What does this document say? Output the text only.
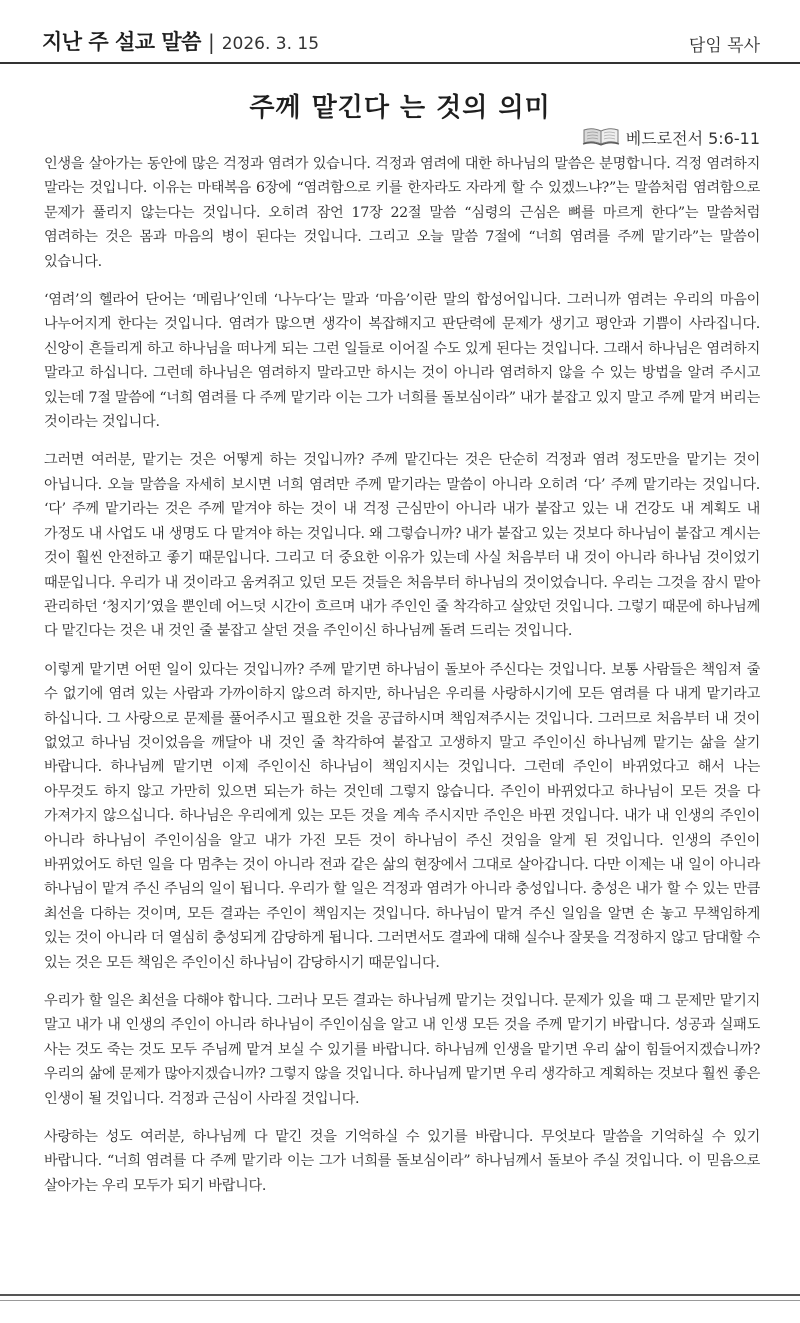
지난 주 설교 말씀 | 2026. 3. 15	담임 목사
주께 맡긴다 는 것의 의미
베드로전서 5:6-11

인생을 살아가는 동안에 많은 걱정과 염려가 있습니다. 걱정과 염려에 대한 하나님의 말씀은 분명합니다. 걱정 염려하지 말라는 것입니다. 이유는 마태복음 6장에 “염려함으로 키를 한자라도 자라게 할 수 있겠느냐?”는 말씀처럼 염려함으로 문제가 풀리지 않는다는 것입니다. 오히려 잠언 17장 22절 말씀 “심령의 근심은 뼈를 마르게 한다”는 말씀처럼 염려하는 것은 몸과 마음의 병이 된다는 것입니다. 그리고 오늘 말씀 7절에 “너희 염려를 주께 맡기라”는 말씀이 있습니다.

‘염려’의 헬라어 단어는 ‘메림나’인데 ‘나누다’는 말과 ‘마음’이란 말의 합성어입니다. 그러니까 염려는 우리의 마음이 나누어지게 한다는 것입니다. 염려가 많으면 생각이 복잡해지고 판단력에 문제가 생기고 평안과 기쁨이 사라집니다. 신앙이 흔들리게 하고 하나님을 떠나게 되는 그런 일들로 이어질 수도 있게 된다는 것입니다. 그래서 하나님은 염려하지 말라고 하십니다. 그런데 하나님은 염려하지 말라고만 하시는 것이 아니라 염려하지 않을 수 있는 방법을 알려 주시고 있는데 7절 말씀에 “너희 염려를 다 주께 맡기라 이는 그가 너희를 돌보심이라” 내가 붙잡고 있지 말고 주께 맡겨 버리는 것이라는 것입니다.

그러면 여러분, 맡기는 것은 어떻게 하는 것입니까? 주께 맡긴다는 것은 단순히 걱정과 염려 정도만을 맡기는 것이 아닙니다. 오늘 말씀을 자세히 보시면 너희 염려만 주께 맡기라는 말씀이 아니라 오히려 ‘다’ 주께 맡기라는 것입니다. ‘다’ 주께 맡기라는 것은 주께 맡겨야 하는 것이 내 걱정 근심만이 아니라 내가 붙잡고 있는 내 건강도 내 계획도 내 가정도 내 사업도 내 생명도 다 맡겨야 하는 것입니다. 왜 그렇습니까? 내가 붙잡고 있는 것보다 하나님이 붙잡고 계시는 것이 훨씬 안전하고 좋기 때문입니다. 그리고 더 중요한 이유가 있는데 사실 처음부터 내 것이 아니라 하나님 것이었기 때문입니다. 우리가 내 것이라고 움켜쥐고 있던 모든 것들은 처음부터 하나님의 것이었습니다. 우리는 그것을 잠시 맡아 관리하던 ‘청지기’였을 뿐인데 어느덧 시간이 흐르며 내가 주인인 줄 착각하고 살았던 것입니다. 그렇기 때문에 하나님께 다 맡긴다는 것은 내 것인 줄 붙잡고 살던 것을 주인이신 하나님께 돌려 드리는 것입니다.

이렇게 맡기면 어떤 일이 있다는 것입니까? 주께 맡기면 하나님이 돌보아 주신다는 것입니다. 보통 사람들은 책임져 줄 수 없기에 염려 있는 사람과 가까이하지 않으려 하지만, 하나님은 우리를 사랑하시기에 모든 염려를 다 내게 맡기라고 하십니다. 그 사랑으로 문제를 풀어주시고 필요한 것을 공급하시며 책임져주시는 것입니다. 그러므로 처음부터 내 것이 없었고 하나님 것이었음을 깨달아 내 것인 줄 착각하여 붙잡고 고생하지 말고 주인이신 하나님께 맡기는 삶을 살기 바랍니다. 하나님께 맡기면 이제 주인이신 하나님이 책임지시는 것입니다. 그런데 주인이 바뀌었다고 해서 나는 아무것도 하지 않고 가만히 있으면 되는가 하는 것인데 그렇지 않습니다. 주인이 바뀌었다고 하나님이 모든 것을 다 가져가지 않으십니다. 하나님은 우리에게 있는 모든 것을 계속 주시지만 주인은 바뀐 것입니다. 내가 내 인생의 주인이 아니라 하나님이 주인이심을 알고 내가 가진 모든 것이 하나님이 주신 것임을 알게 된 것입니다. 인생의 주인이 바뀌었어도 하던 일을 다 멈추는 것이 아니라 전과 같은 삶의 현장에서 그대로 살아갑니다. 다만 이제는 내 일이 아니라 하나님이 맡겨 주신 주님의 일이 됩니다. 우리가 할 일은 걱정과 염려가 아니라 충성입니다. 충성은 내가 할 수 있는 만큼 최선을 다하는 것이며, 모든 결과는 주인이 책임지는 것입니다. 하나님이 맡겨 주신 일임을 알면 손 놓고 무책임하게 있는 것이 아니라 더 열심히 충성되게 감당하게 됩니다. 그러면서도 결과에 대해 실수나 잘못을 걱정하지 않고 담대할 수 있는 것은 모든 책임은 주인이신 하나님이 감당하시기 때문입니다.

우리가 할 일은 최선을 다해야 합니다. 그러나 모든 결과는 하나님께 맡기는 것입니다. 문제가 있을 때 그 문제만 맡기지 말고 내가 내 인생의 주인이 아니라 하나님이 주인이심을 알고 내 인생 모든 것을 주께 맡기기 바랍니다. 성공과 실패도 사는 것도 죽는 것도 모두 주님께 맡겨 보실 수 있기를 바랍니다. 하나님께 인생을 맡기면 우리 삶이 힘들어지겠습니까? 우리의 삶에 문제가 많아지겠습니까? 그렇지 않을 것입니다. 하나님께 맡기면 우리 생각하고 계획하는 것보다 훨씬 좋은 인생이 될 것입니다. 걱정과 근심이 사라질 것입니다.

사랑하는 성도 여러분, 하나님께 다 맡긴 것을 기억하실 수 있기를 바랍니다. 무엇보다 말씀을 기억하실 수 있기 바랍니다. “너희 염려를 다 주께 맡기라 이는 그가 너희를 돌보심이라” 하나님께서 돌보아 주실 것입니다. 이 믿음으로 살아가는 우리 모두가 되기 바랍니다.
